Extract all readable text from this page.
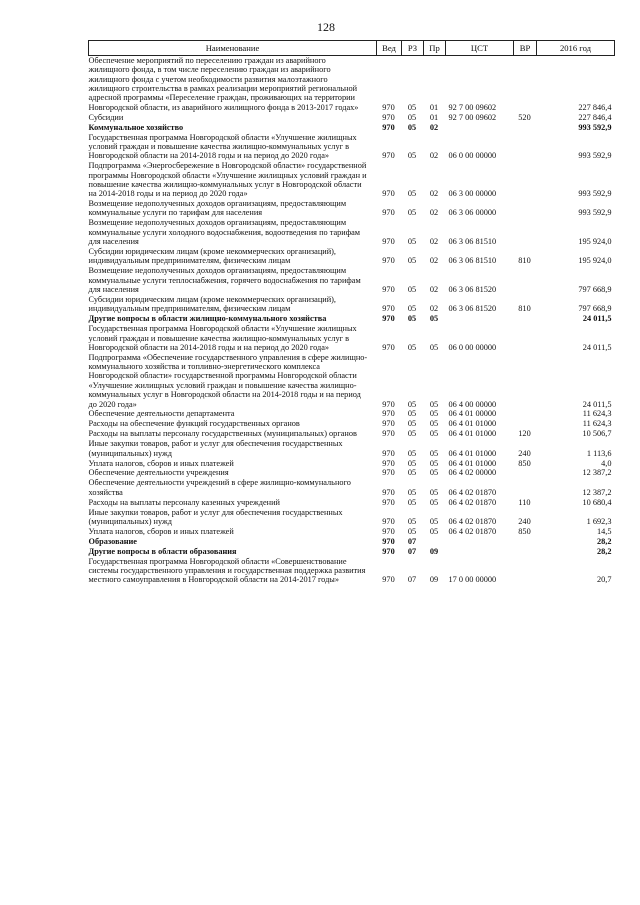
128
Наименование	Вед	РЗ	Пр	ЦСТ	ВР	2016 год
Обеспечение мероприятий по переселению граждан из аварийного жилищного фонда, в том числе переселению граждан из аварийного жилищного фонда с учетом необходимости развития малоэтажного жилищного строительства в рамках реализации мероприятий региональной адресной программы «Переселение граждан, проживающих на территории Новгородской области, из аварийного жилищного фонда в 2013-2017 годах»	970	05	01	92 7 00 09602		227 846,4
Субсидии	970	05	01	92 7 00 09602	520	227 846,4
Коммунальное хозяйство	970	05	02			993 592,9
Государственная программа Новгородской области «Улучшение жилищных условий граждан и повышение качества жилищно-коммунальных услуг в Новгородской области на 2014-2018 годы и на период до 2020 года»	970	05	02	06 0 00 00000		993 592,9
Подпрограмма «Энергосбережение в Новгородской области» государственной программы Новгородской области «Улучшение жилищных условий граждан и повышение качества жилищно-коммунальных услуг в Новгородской области на 2014-2018 годы и на период до 2020 года»	970	05	02	06 3 00 00000		993 592,9
Возмещение недополученных доходов организациям, предоставляющим коммунальные услуги по тарифам для населения	970	05	02	06 3 06 00000		993 592,9
Возмещение недополученных доходов организациям, предоставляющим коммунальные услуги холодного водоснабжения, водоотведения по тарифам для населения	970	05	02	06 3 06 81510		195 924,0
Субсидии юридическим лицам (кроме некоммерческих организаций), индивидуальным предпринимателям, физическим лицам	970	05	02	06 3 06 81510	810	195 924,0
Возмещение недополученных доходов организациям, предоставляющим коммунальные услуги теплоснабжения, горячего водоснабжения по тарифам для населения	970	05	02	06 3 06 81520		797 668,9
Субсидии юридическим лицам (кроме некоммерческих организаций), индивидуальным предпринимателям, физическим лицам	970	05	02	06 3 06 81520	810	797 668,9
Другие вопросы в области жилищно-коммунального хозяйства	970	05	05			24 011,5
Государственная программа Новгородской области «Улучшение жилищных условий граждан и повышение качества жилищно-коммунальных услуг в Новгородской области на 2014-2018 годы и на период до 2020 года»	970	05	05	06 0 00 00000		24 011,5
Подпрограмма «Обеспечение государственного управления в сфере жилищно-коммунального хозяйства и топливно-энергетического комплекса Новгородской области» государственной программы Новгородской области «Улучшение жилищных условий граждан и повышение качества жилищно-коммунальных услуг в Новгородской области на 2014-2018 годы и на период до 2020 года»	970	05	05	06 4 00 00000		24 011,5
Обеспечение деятельности департамента	970	05	05	06 4 01 00000		11 624,3
Расходы на обеспечение функций государственных органов	970	05	05	06 4 01 01000		11 624,3
Расходы на выплаты персоналу государственных (муниципальных) органов	970	05	05	06 4 01 01000	120	10 506,7
Иные закупки товаров, работ и услуг для обеспечения государственных (муниципальных) нужд	970	05	05	06 4 01 01000	240	1 113,6
Уплата налогов, сборов и иных платежей	970	05	05	06 4 01 01000	850	4,0
Обеспечение деятельности учреждения	970	05	05	06 4 02 00000		12 387,2
Обеспечение деятельности учреждений в сфере жилищно-коммунального хозяйства	970	05	05	06 4 02 01870		12 387,2
Расходы на выплаты персоналу казенных учреждений	970	05	05	06 4 02 01870	110	10 680,4
Иные закупки товаров, работ и услуг для обеспечения государственных (муниципальных) нужд	970	05	05	06 4 02 01870	240	1 692,3
Уплата налогов, сборов и иных платежей	970	05	05	06 4 02 01870	850	14,5
Образование	970	07				28,2
Другие вопросы в области образования	970	07	09			28,2
Государственная программа Новгородской области «Совершенствование системы государственного управления и государственная поддержка развития местного самоуправления в Новгородской области на 2014-2017 годы»	970	07	09	17 0 00 00000		20,7
